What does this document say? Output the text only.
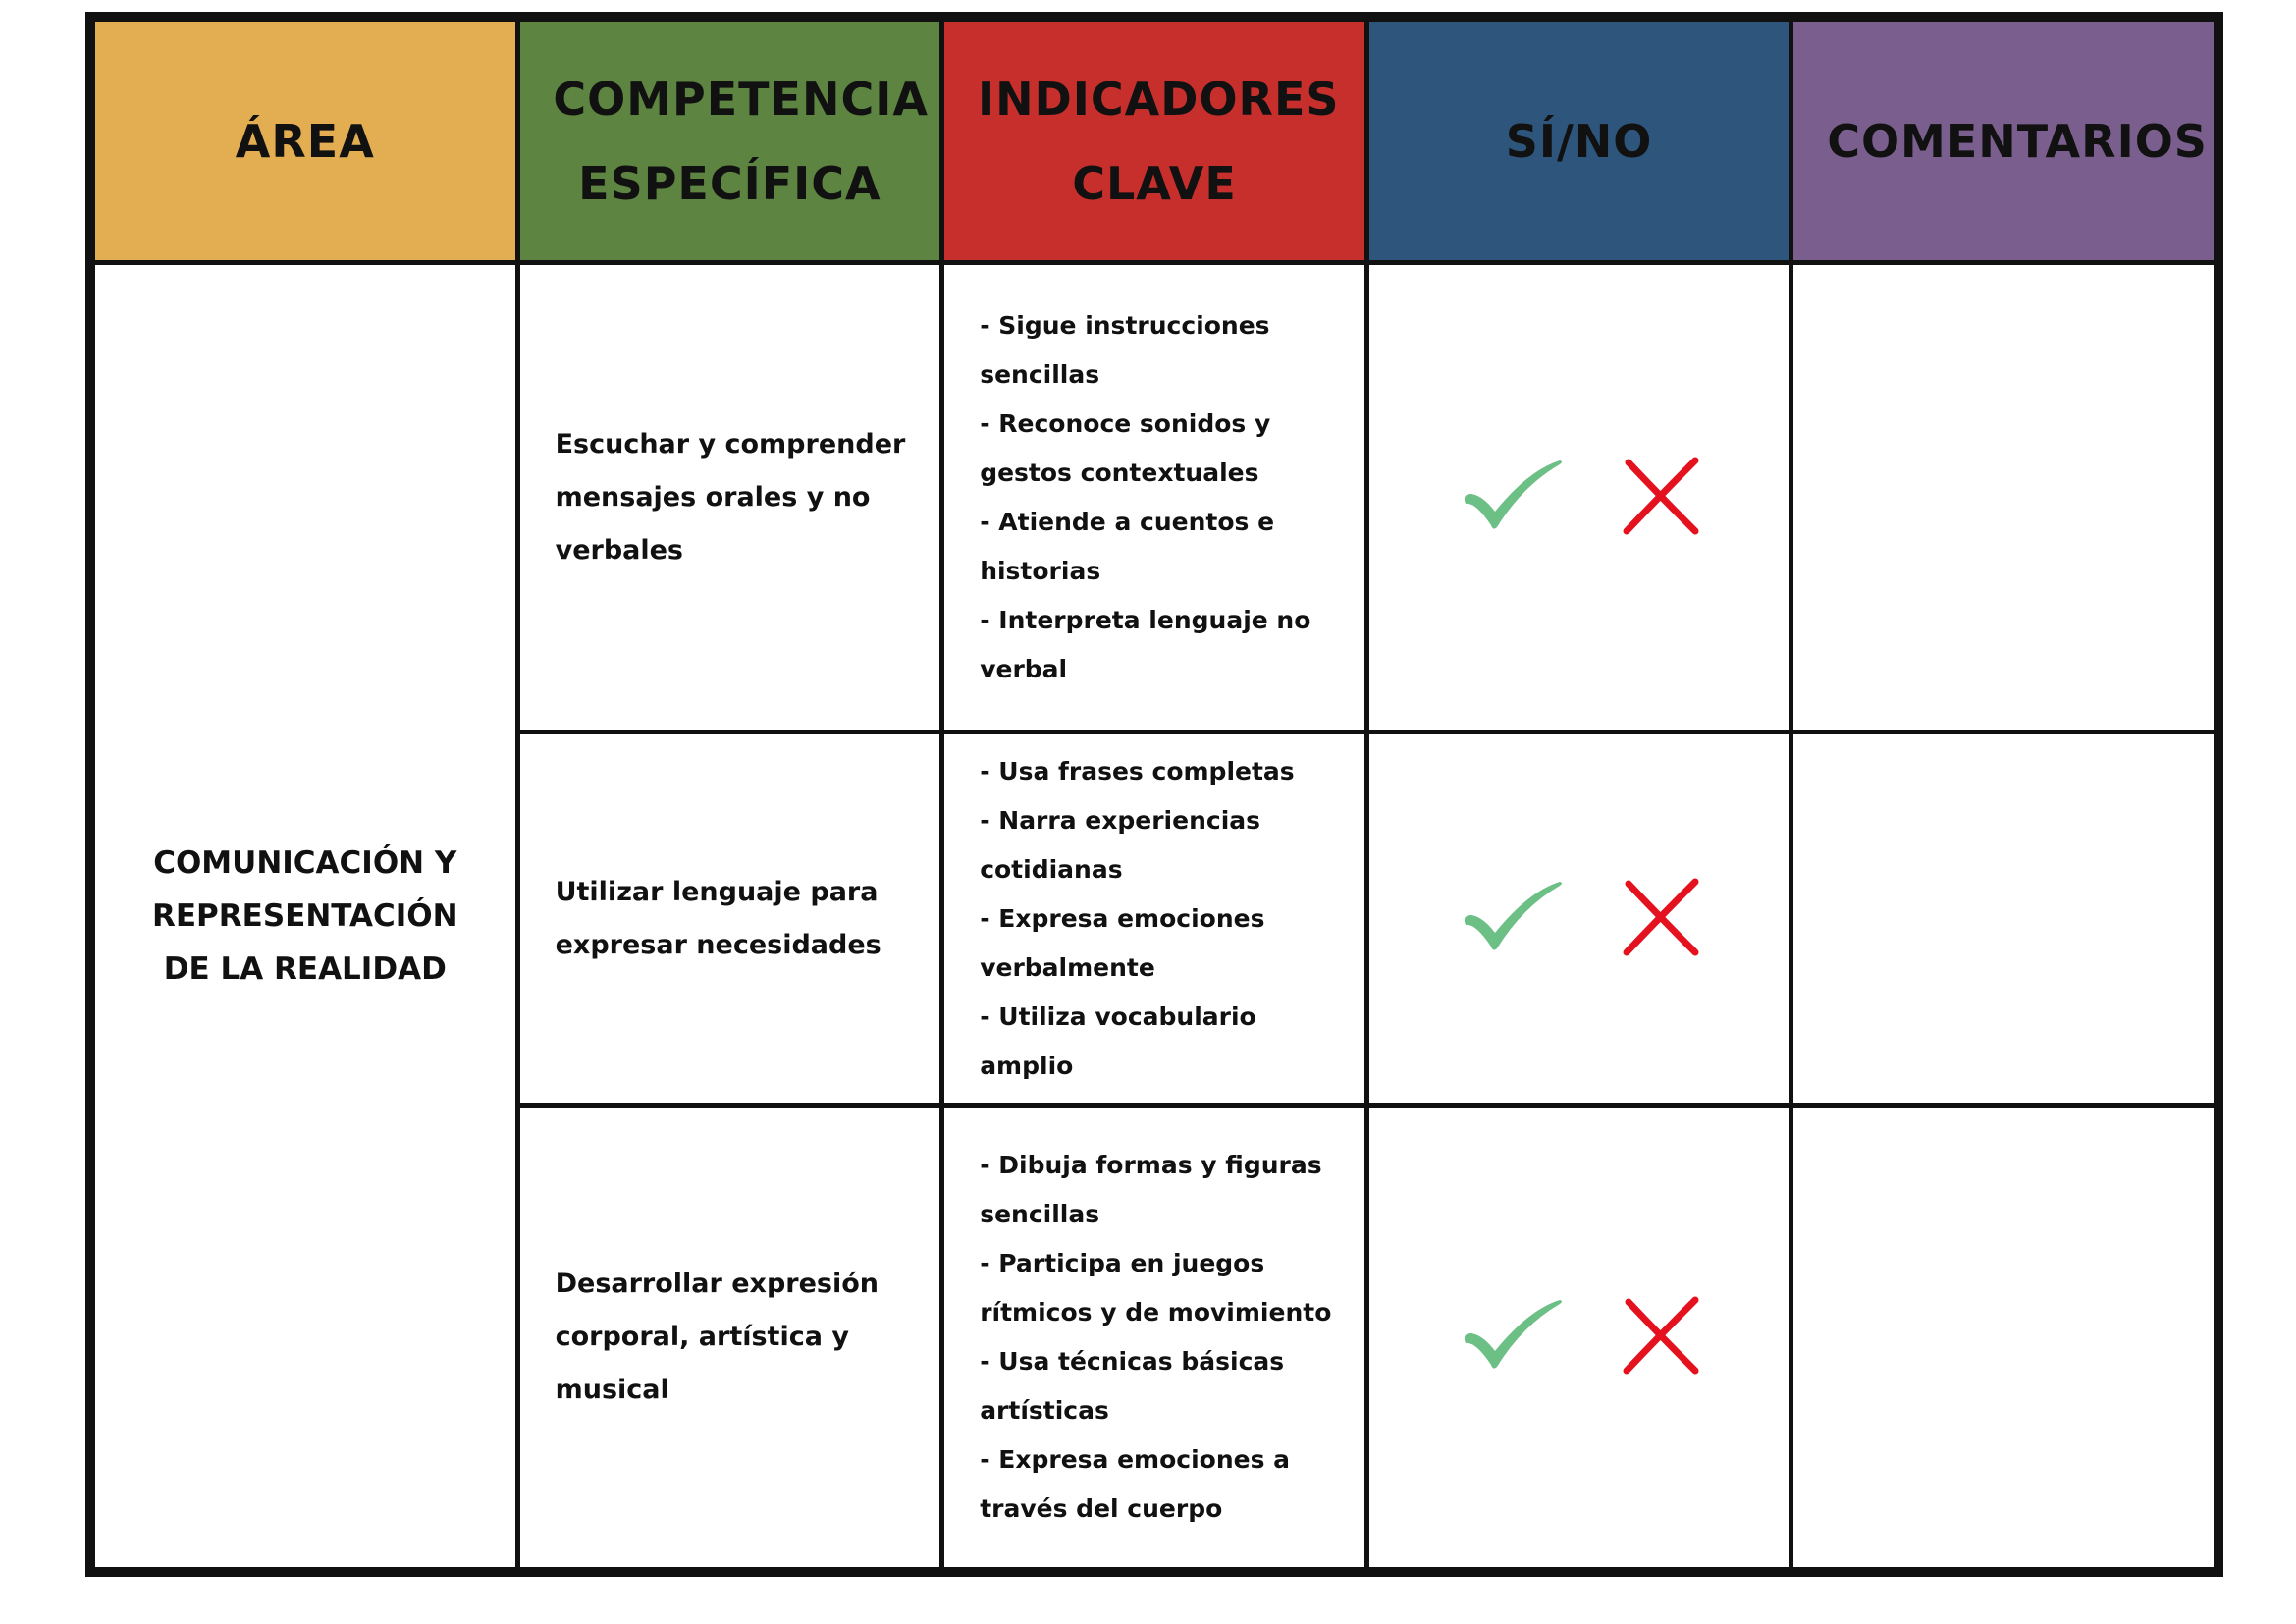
ÁREA	COMPETENCIA ESPECÍFICA	INDICADORES CLAVE	SÍ/NO	COMENTARIOS
COMUNICACIÓN Y REPRESENTACIÓN DE LA REALIDAD	Escuchar y comprender mensajes orales y no verbales	- Sigue instrucciones sencillas
- Reconoce sonidos y gestos contextuales
- Atiende a cuentos e historias
- Interpreta lenguaje no verbal

	Utilizar lenguaje para expresar necesidades	- Usa frases completas
- Narra experiencias cotidianas
- Expresa emociones verbalmente
- Utiliza vocabulario amplio

	Desarrollar expresión corporal, artística y musical	- Dibuja formas y figuras sencillas
- Participa en juegos rítmicos y de movimiento
- Usa técnicas básicas artísticas
- Expresa emociones a través del cuerpo
